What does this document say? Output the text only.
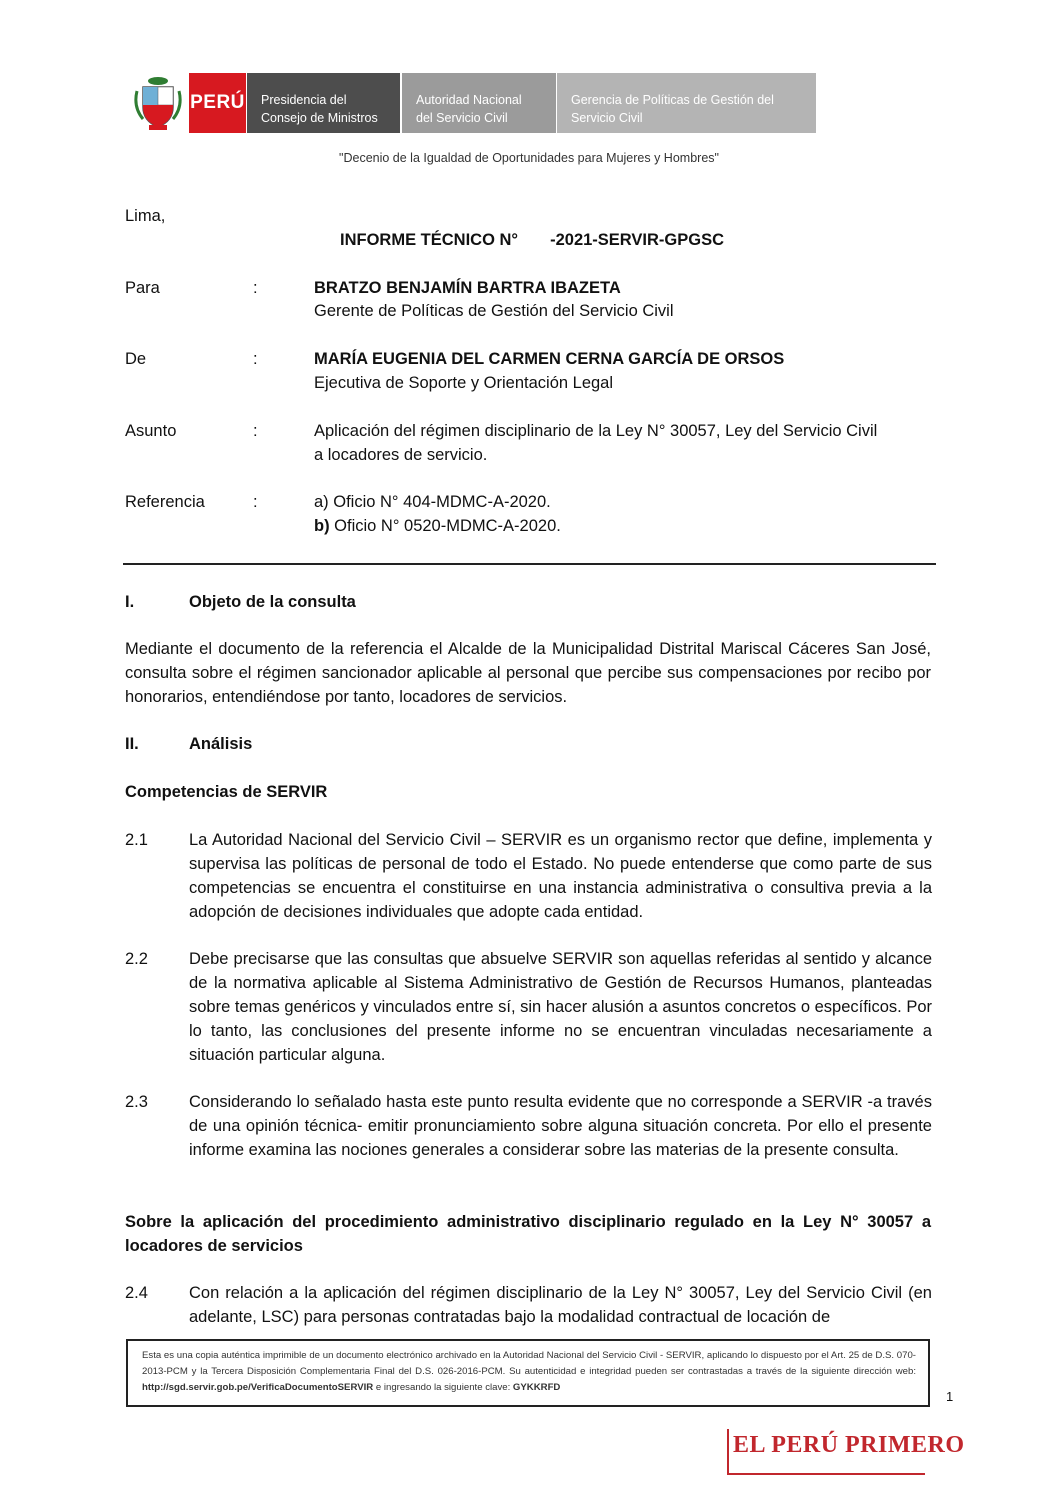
PERÚ Presidencia del
Consejo de Ministros
Autoridad Nacional
del Servicio Civil
Gerencia de Políticas de Gestión del
Servicio Civil
"Decenio de la Igualdad de Oportunidades para Mujeres y Hombres"
Lima,
INFORME TÉCNICO N°       -2021-SERVIR-GPGSC
Para	:	BRATZO BENJAMÍN BARTRA IBAZETA
Gerente de Políticas de Gestión del Servicio Civil
De	:	MARÍA EUGENIA DEL CARMEN CERNA GARCÍA DE ORSOS
Ejecutiva de Soporte y Orientación Legal
Asunto	:	Aplicación del régimen disciplinario de la Ley N° 30057, Ley del Servicio Civil
a locadores de servicio.
Referencia	:	a) Oficio N° 404-MDMC-A-2020.
b) Oficio N° 0520-MDMC-A-2020.
I.	Objeto de la consulta
Mediante el documento de la referencia el Alcalde de la Municipalidad Distrital Mariscal Cáceres San José, consulta sobre el régimen sancionador aplicable al personal que percibe sus compensaciones por recibo por honorarios, entendiéndose por tanto, locadores de servicios.
II.	Análisis
Competencias de SERVIR
2.1 La Autoridad Nacional del Servicio Civil – SERVIR es un organismo rector que define, implementa y supervisa las políticas de personal de todo el Estado. No puede entenderse que como parte de sus competencias se encuentra el constituirse en una instancia administrativa o consultiva previa a la adopción de decisiones individuales que adopte cada entidad.
2.2 Debe precisarse que las consultas que absuelve SERVIR son aquellas referidas al sentido y alcance de la normativa aplicable al Sistema Administrativo de Gestión de Recursos Humanos, planteadas sobre temas genéricos y vinculados entre sí, sin hacer alusión a asuntos concretos o específicos. Por lo tanto, las conclusiones del presente informe no se encuentran vinculadas necesariamente a situación particular alguna.
2.3 Considerando lo señalado hasta este punto resulta evidente que no corresponde a SERVIR -a través de una opinión técnica- emitir pronunciamiento sobre alguna situación concreta. Por ello el presente informe examina las nociones generales a considerar sobre las materias de la presente consulta.
Sobre la aplicación del procedimiento administrativo disciplinario regulado en la Ley N° 30057 a locadores de servicios
2.4 Con relación a la aplicación del régimen disciplinario de la Ley N° 30057, Ley del Servicio Civil (en adelante, LSC) para personas contratadas bajo la modalidad contractual de locación de
Esta es una copia auténtica imprimible de un documento electrónico archivado en la Autoridad Nacional del Servicio Civil - SERVIR, aplicando lo dispuesto por el Art. 25 de D.S. 070-2013-PCM y la Tercera Disposición Complementaria Final del D.S. 026-2016-PCM. Su autenticidad e integridad pueden ser contrastadas a través de la siguiente dirección web: http://sgd.servir.gob.pe/VerificaDocumentoSERVIR e ingresando la siguiente clave: GYKKRFD
1
EL PERÚ PRIMERO
